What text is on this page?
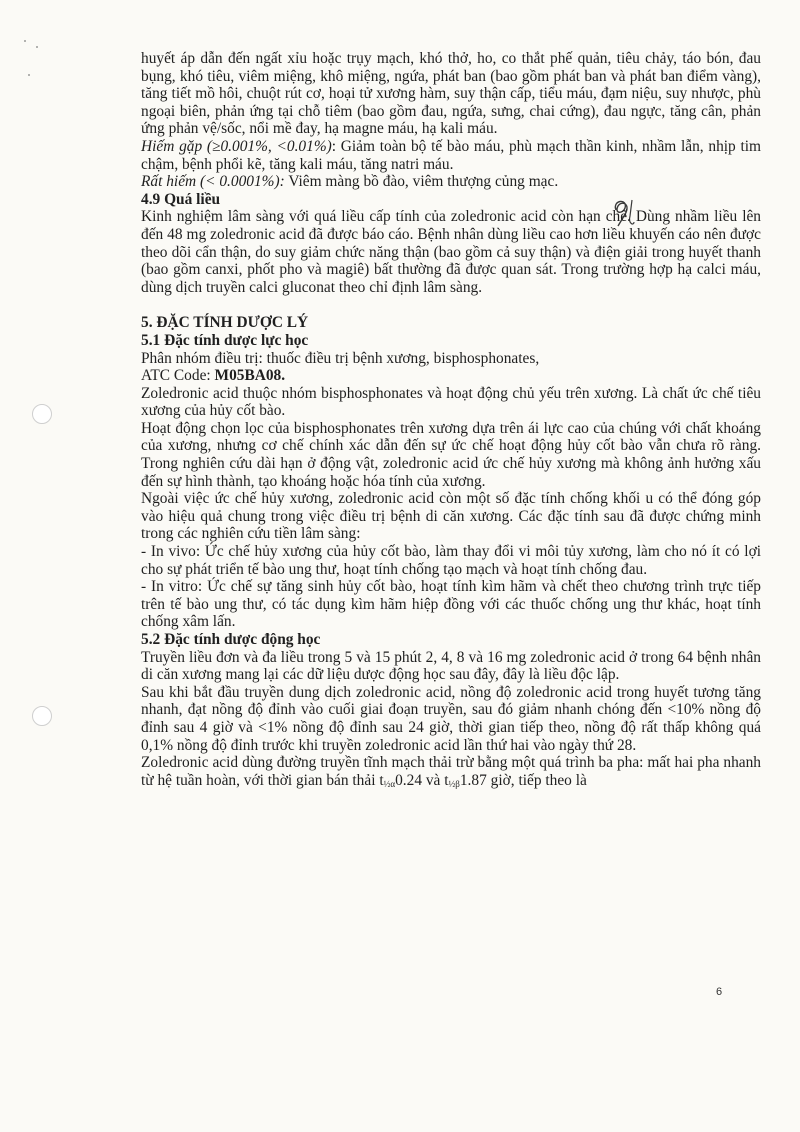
huyết áp dẫn đến ngất xỉu hoặc trụy mạch, khó thở, ho, co thắt phế quản, tiêu chảy, táo bón, đau bụng, khó tiêu, viêm miệng, khô miệng, ngứa, phát ban (bao gồm phát ban và phát ban điểm vàng), tăng tiết mồ hôi, chuột rút cơ, hoại tử xương hàm, suy thận cấp, tiểu máu, đạm niệu, suy nhược, phù ngoại biên, phản ứng tại chỗ tiêm (bao gồm đau, ngứa, sưng, chai cứng), đau ngực, tăng cân, phản ứng phản vệ/sốc, nổi mề đay, hạ magne máu, hạ kali máu.

Hiếm gặp (≥0.001%, <0.01%): Giảm toàn bộ tế bào máu, phù mạch thần kinh, nhầm lẫn, nhịp tim chậm, bệnh phổi kẽ, tăng kali máu, tăng natri máu.

Rất hiếm (< 0.0001%): Viêm màng bồ đào, viêm thượng củng mạc.

4.9 Quá liều

Kinh nghiệm lâm sàng với quá liều cấp tính của zoledronic acid còn hạn chế. Dùng nhầm liều lên đến 48 mg zoledronic acid đã được báo cáo. Bệnh nhân dùng liều cao hơn liều khuyến cáo nên được theo dõi cẩn thận, do suy giảm chức năng thận (bao gồm cả suy thận) và điện giải trong huyết thanh (bao gồm canxi, phốt pho và magiê) bất thường đã được quan sát. Trong trường hợp hạ calci máu, dùng dịch truyền calci gluconat theo chỉ định lâm sàng.

5. ĐẶC TÍNH DƯỢC LÝ

5.1 Đặc tính dược lực học

Phân nhóm điều trị: thuốc điều trị bệnh xương, bisphosphonates,

ATC Code: M05BA08.

Zoledronic acid thuộc nhóm bisphosphonates và hoạt động chủ yếu trên xương. Là chất ức chế tiêu xương của hủy cốt bào.

Hoạt động chọn lọc của bisphosphonates trên xương dựa trên ái lực cao của chúng với chất khoáng của xương, nhưng cơ chế chính xác dẫn đến sự ức chế hoạt động hủy cốt bào vẫn chưa rõ ràng. Trong nghiên cứu dài hạn ở động vật, zoledronic acid ức chế hủy xương mà không ảnh hưởng xấu đến sự hình thành, tạo khoáng hoặc hóa tính của xương.

Ngoài việc ức chế hủy xương, zoledronic acid còn một số đặc tính chống khối u có thể đóng góp vào hiệu quả chung trong việc điều trị bệnh di căn xương. Các đặc tính sau đã được chứng minh trong các nghiên cứu tiền lâm sàng:

- In vivo: Ức chế hủy xương của hủy cốt bào, làm thay đổi vi môi tủy xương, làm cho nó ít có lợi cho sự phát triển tế bào ung thư, hoạt tính chống tạo mạch và hoạt tính chống đau.

- In vitro: Ức chế sự tăng sinh hủy cốt bào, hoạt tính kìm hãm và chết theo chương trình trực tiếp trên tế bào ung thư, có tác dụng kìm hãm hiệp đồng với các thuốc chống ung thư khác, hoạt tính chống xâm lấn.

5.2 Đặc tính dược động học

Truyền liều đơn và đa liều trong 5 và 15 phút 2, 4, 8 và 16 mg zoledronic acid ở trong 64 bệnh nhân di căn xương mang lại các dữ liệu dược động học sau đây, đây là liều độc lập.

Sau khi bắt đầu truyền dung dịch zoledronic acid, nồng độ zoledronic acid trong huyết tương tăng nhanh, đạt nồng độ đỉnh vào cuối giai đoạn truyền, sau đó giảm nhanh chóng đến <10% nồng độ đỉnh sau 4 giờ và <1% nồng độ đỉnh sau 24 giờ, thời gian tiếp theo, nồng độ rất thấp không quá 0,1% nồng độ đỉnh trước khi truyền zoledronic acid lần thứ hai vào ngày thứ 28.

Zoledronic acid dùng đường truyền tĩnh mạch thải trừ bằng một quá trình ba pha: mất hai pha nhanh từ hệ tuần hoàn, với thời gian bán thải $t_{\frac{1}{2}\alpha}0.24$ và $t_{\frac{1}{2}\beta}1.87$ giờ, tiếp theo là

6
